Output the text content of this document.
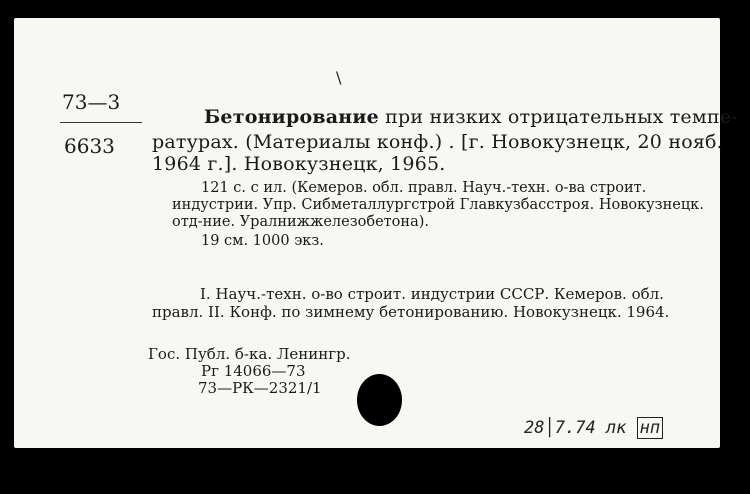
\
73—3
6633
Бетонирование при низких отрицательных темпе-
ратурах. (Материалы конф.) . [г. Новокузнецк, 20 нояб.
1964 г.]. Новокузнецк, 1965.
121 с. с ил. (Кемеров. обл. правл. Науч.-техн. о-ва строит.
индустрии. Упр. Сибметаллургстрой Главкузбасстроя. Новокузнецк.
отд-ние. Уралнижжелезобетона).
19 см. 1000 экз.
I. Науч.-техн. о-во строит. индустрии СССР. Кемеров. обл.
правл. II. Конф. по зимнему бетонированию. Новокузнецк. 1964.
Гос. Публ. б-ка. Ленингр.
Рг 14066—73
73—РК—2321/1
28│7.74 лк нп
